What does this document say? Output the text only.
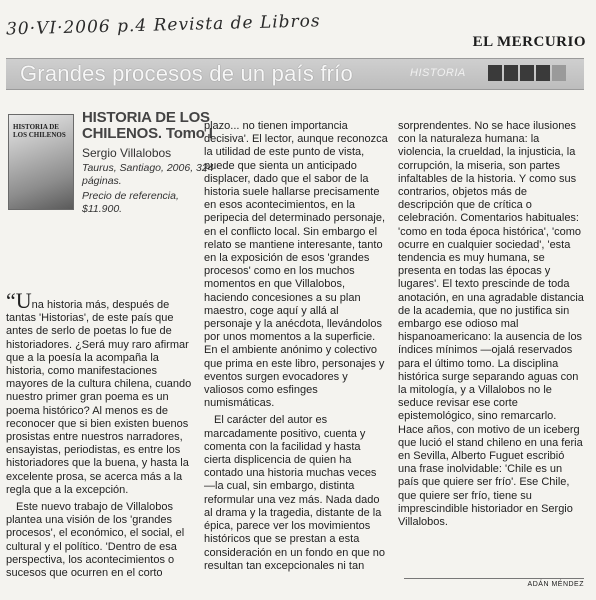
30·VI·2006 p.4 Revista de Libros
EL MERCURIO
Grandes procesos de un país frío	HISTORIA
HISTORIA DE LOS CHILENOS
HISTORIA DE LOS CHILENOS. Tomo I
Sergio Villalobos
Taurus, Santiago, 2006, 324 páginas.
Precio de referencia, $11.900.

“Una historia más, después de tantas 'Historias', de este país que antes de serlo de poetas lo fue de historiadores. ¿Será muy raro afirmar que a la poesía la acompaña la historia, como manifestaciones mayores de la cultura chilena, cuando nuestro primer gran poema es un poema histórico? Al menos es de reconocer que si bien existen buenos prosistas entre nuestros narradores, ensayistas, periodistas, es entre los historiadores que la buena, y hasta la excelente prosa, se acerca más a la regla que a la excepción.

Este nuevo trabajo de Villalobos plantea una visión de los 'grandes procesos', el económico, el social, el cultural y el político. 'Dentro de esa perspectiva, los acontecimientos o sucesos que ocurren en el corto

plazo... no tienen importancia decisiva'. El lector, aunque reconozca la utilidad de este punto de vista, puede que sienta un anticipado displacer, dado que el sabor de la historia suele hallarse precisamente en esos acontecimientos, en la peripecia del determinado personaje, en el conflicto local. Sin embargo el relato se mantiene interesante, tanto en la exposición de esos 'grandes procesos' como en los muchos momentos en que Villalobos, haciendo concesiones a su plan maestro, coge aquí y allá al personaje y la anécdota, llevándolos por unos momentos a la superficie. En el ambiente anónimo y colectivo que prima en este libro, personajes y eventos surgen evocadores y valiosos como esfinges numismáticas.

El carácter del autor es marcadamente positivo, cuenta y comenta con la facilidad y hasta cierta displicencia de quien ha contado una historia muchas veces —la cual, sin embargo, distinta reformular una vez más. Nada dado al drama y la tragedia, distante de la épica, parece ver los movimientos históricos que se prestan a esta consideración en un fondo en que no resultan tan excepcionales ni tan

sorprendentes. No se hace ilusiones con la naturaleza humana: la violencia, la crueldad, la injusticia, la corrupción, la miseria, son partes infaltables de la historia. Y como sus contrarios, objetos más de descripción que de crítica o celebración. Comentarios habituales: 'como en toda época histórica', 'como ocurre en cualquier sociedad', 'esta tendencia es muy humana, se presenta en todas las épocas y lugares'. El texto prescinde de toda anotación, en una agradable distancia de la academia, que no justifica sin embargo ese odioso mal hispanoamericano: la ausencia de los índices mínimos —ojalá reservados para el último tomo. La disciplina histórica surge separando aguas con la mitología, y a Villalobos no le seduce revisar ese corte epistemológico, sino remarcarlo. Hace años, con motivo de un iceberg que lució el stand chileno en una feria en Sevilla, Alberto Fuguet escribió una frase inolvidable: 'Chile es un país que quiere ser frío'. Ese Chile, que quiere ser frío, tiene su imprescindible historiador en Sergio Villalobos.

ADÁN MÉNDEZ
